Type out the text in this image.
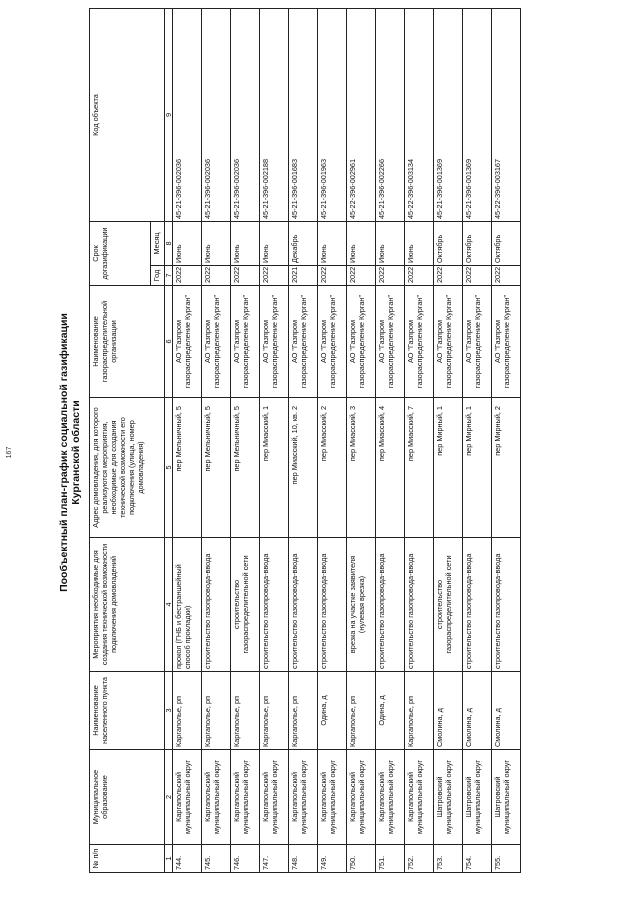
167	Пообъектный план-график социальной газификации Курганской области
№ п/п	Муниципальное образование	Наименование населенного пункта	Мероприятия необходимые для создания технической возможности подключения домовладений	Адрес домовладения, для которого реализуются мероприятия, необходимые для создания технической возможности его подключения (улица, номер домовладения)	Наименование газораспределительной организации	Срок догазификации		Код объекта
						Год	Месяц	
1	2	3	4	5	6	7	8	9
744.	Каргапольский муниципальный округ	Каргаполье, рп	прокол (ГНБ и бестраншейный способ прокладки)	пер Мельничный, 5	АО "Газпром газораспределение Курган"	2022	Июнь	45-21-396-002036
745.	Каргапольский муниципальный округ	Каргаполье, рп	строительство газопровода-ввода	пер Мельничный, 5	АО "Газпром газораспределение Курган"	2022	Июнь	45-21-396-002036
746.	Каргапольский муниципальный округ	Каргаполье, рп	строительство газораспределительной сети	пер Мельничный, 5	АО "Газпром газораспределение Курган"	2022	Июнь	45-21-396-002036
747.	Каргапольский муниципальный округ	Каргаполье, рп	строительство газопровода-ввода	пер Миасский, 1	АО "Газпром газораспределение Курган"	2022	Июнь	45-21-396-002188
748.	Каргапольский муниципальный округ	Каргаполье, рп	строительство газопровода-ввода	пер Миасский, 10, кв. 2	АО "Газпром газораспределение Курган"	2021	Декабрь	45-21-396-001683
749.	Каргапольский муниципальный округ	Одина, д	строительство газопровода-ввода	пер Миасский, 2	АО "Газпром газораспределение Курган"	2022	Июнь	45-21-396-001963
750.	Каргапольский муниципальный округ	Каргаполье, рп	врезка на участке заявителя (нулевая врезка)	пер Миасский, 3	АО "Газпром газораспределение Курган"	2022	Июнь	45-22-396-002961
751.	Каргапольский муниципальный округ	Одина, д	строительство газопровода-ввода	пер Миасский, 4	АО "Газпром газораспределение Курган"	2022	Июнь	45-21-396-002266
752.	Каргапольский муниципальный округ	Каргаполье, рп	строительство газопровода-ввода	пер Миасский, 7	АО "Газпром газораспределение Курган"	2022	Июнь	45-22-396-003134
753.	Шатровский муниципальный округ	Смолина, д	строительство газораспределительной сети	пер Мирный, 1	АО "Газпром газораспределение Курган"	2022	Октябрь	45-21-396-001369
754.	Шатровский муниципальный округ	Смолина, д	строительство газопровода-ввода	пер Мирный, 1	АО "Газпром газораспределение Курган"	2022	Октябрь	45-21-396-001369
755.	Шатровский муниципальный округ	Смолина, д	строительство газопровода-ввода	пер Мирный, 2	АО "Газпром газораспределение Курган"	2022	Октябрь	45-22-396-003167
